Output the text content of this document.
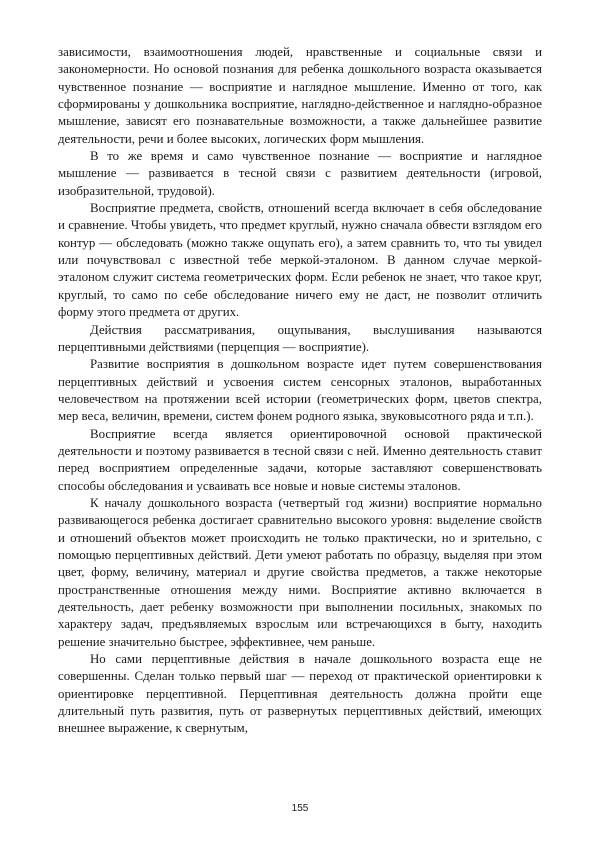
зависимости, взаимоотношения людей, нравственные и социальные связи и закономерности. Но основой познания для ребенка дошкольного возраста оказывается чувственное познание — восприятие и наглядное мышление. Именно от того, как сформированы у дошкольника восприятие, наглядно-действенное и наглядно-образное мышление, зависят его познавательные возможности, а также дальнейшее развитие деятельности, речи и более высоких, логических форм мышления.

В то же время и само чувственное познание — восприятие и наглядное мышление — развивается в тесной связи с развитием деятельности (игровой, изобразительной, трудовой).

Восприятие предмета, свойств, отношений всегда включает в себя обследование и сравнение. Чтобы увидеть, что предмет круглый, нужно сначала обвести взглядом его контур — обследовать (можно также ощупать его), а затем сравнить то, что ты увидел или почувствовал с известной тебе меркой-эталоном. В данном случае меркой-эталоном служит система геометрических форм. Если ребенок не знает, что такое круг, круглый, то само по себе обследование ничего ему не даст, не позволит отличить форму этого предмета от других.

Действия рассматривания, ощупывания, выслушивания называются перцептивными действиями (перцепция — восприятие).

Развитие восприятия в дошкольном возрасте идет путем совершенствования перцептивных действий и усвоения систем сенсорных эталонов, выработанных человечеством на протяжении всей истории (геометрических форм, цветов спектра, мер веса, величин, времени, систем фонем родного языка, звуковысотного ряда и т.п.).

Восприятие всегда является ориентировочной основой практической деятельности и поэтому развивается в тесной связи с ней. Именно деятельность ставит перед восприятием определенные задачи, которые заставляют совершенствовать способы обследования и усваивать все новые и новые системы эталонов.

К началу дошкольного возраста (четвертый год жизни) восприятие нормально развивающегося ребенка достигает сравнительно высокого уровня: выделение свойств и отношений объектов может происходить не только практически, но и зрительно, с помощью перцептивных действий. Дети умеют работать по образцу, выделяя при этом цвет, форму, величину, материал и другие свойства предметов, а также некоторые пространственные отношения между ними. Восприятие активно включается в деятельность, дает ребенку возможности при выполнении посильных, знакомых по характеру задач, предъявляемых взрослым или встречающихся в быту, находить решение значительно быстрее, эффективнее, чем раньше.

Но сами перцептивные действия в начале дошкольного возраста еще не совершенны. Сделан только первый шаг — переход от практической ориентировки к ориентировке перцептивной. Перцептивная деятельность должна пройти еще длительный путь развития, путь от развернутых перцептивных действий, имеющих внешнее выражение, к свернутым,

155
